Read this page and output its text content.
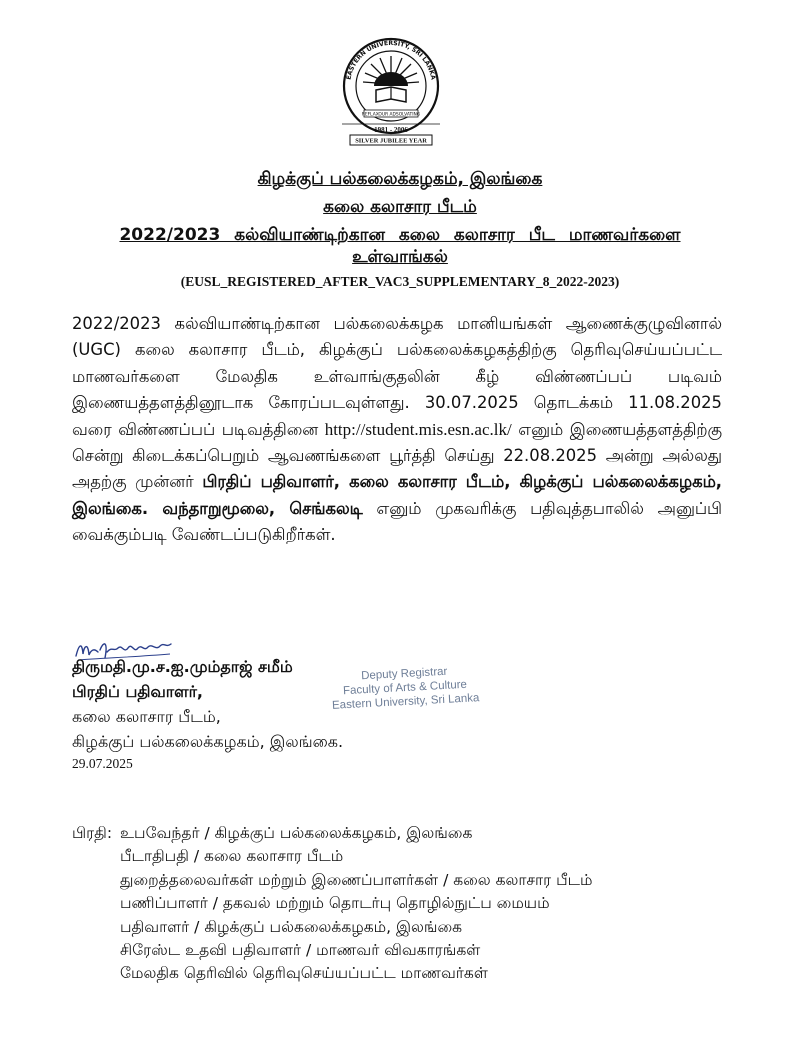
EASTERN UNIVERSITY, SRI LANKA
REFLAXOUR ADSOLVATING
1981 - 2006
SILVER JUBILEE YEAR

கிழக்குப் பல்கலைக்கழகம், இலங்கை

கலை கலாசார பீடம்

2022/2023 கல்வியாண்டிற்கான கலை கலாசார பீட மாணவர்களை

உள்வாங்கல்

(EUSL_REGISTERED_AFTER_VAC3_SUPPLEMENTARY_8_2022-2023)

2022/2023 கல்வியாண்டிற்கான பல்கலைக்கழக மானியங்கள் ஆணைக்குழுவினால் (UGC) கலை கலாசார பீடம், கிழக்குப் பல்கலைக்கழகத்திற்கு தெரிவுசெய்யப்பட்ட மாணவர்களை மேலதிக உள்வாங்குதலின் கீழ் விண்ணப்பப் படிவம் இணையத்தளத்தினூடாக கோரப்படவுள்ளது. 30.07.2025 தொடக்கம் 11.08.2025 வரை விண்ணப்பப் படிவத்தினை http://student.mis.esn.ac.lk/ எனும் இணையத்தளத்திற்கு சென்று கிடைக்கப்பெறும் ஆவணங்களை பூர்த்தி செய்து 22.08.2025 அன்று அல்லது அதற்கு முன்னர் பிரதிப் பதிவாளர், கலை கலாசார பீடம், கிழக்குப் பல்கலைக்கழகம், இலங்கை. வந்தாறுமூலை, செங்கலடி எனும் முகவரிக்கு பதிவுத்தபாலில் அனுப்பி வைக்கும்படி வேண்டப்படுகிறீர்கள்.
Deputy Registrar
Faculty of Arts & Culture
Eastern University, Sri Lanka
திருமதி.மு.ச.ஐ.மும்தாஜ் சமீம்
பிரதிப் பதிவாளர்,
கலை கலாசார பீடம்,
கிழக்குப் பல்கலைக்கழகம், இலங்கை.
29.07.2025
பிரதி: உபவேந்தர் / கிழக்குப் பல்கலைக்கழகம், இலங்கை
பீடாதிபதி / கலை கலாசார பீடம்
துறைத்தலைவர்கள் மற்றும் இணைப்பாளர்கள் / கலை கலாசார பீடம்
பணிப்பாளர் / தகவல் மற்றும் தொடர்பு தொழில்நுட்ப மையம்
பதிவாளர் / கிழக்குப் பல்கலைக்கழகம், இலங்கை
சிரேஸ்ட உதவி பதிவாளர் / மாணவர் விவகாரங்கள்
மேலதிக தெரிவில் தெரிவுசெய்யப்பட்ட மாணவர்கள்
